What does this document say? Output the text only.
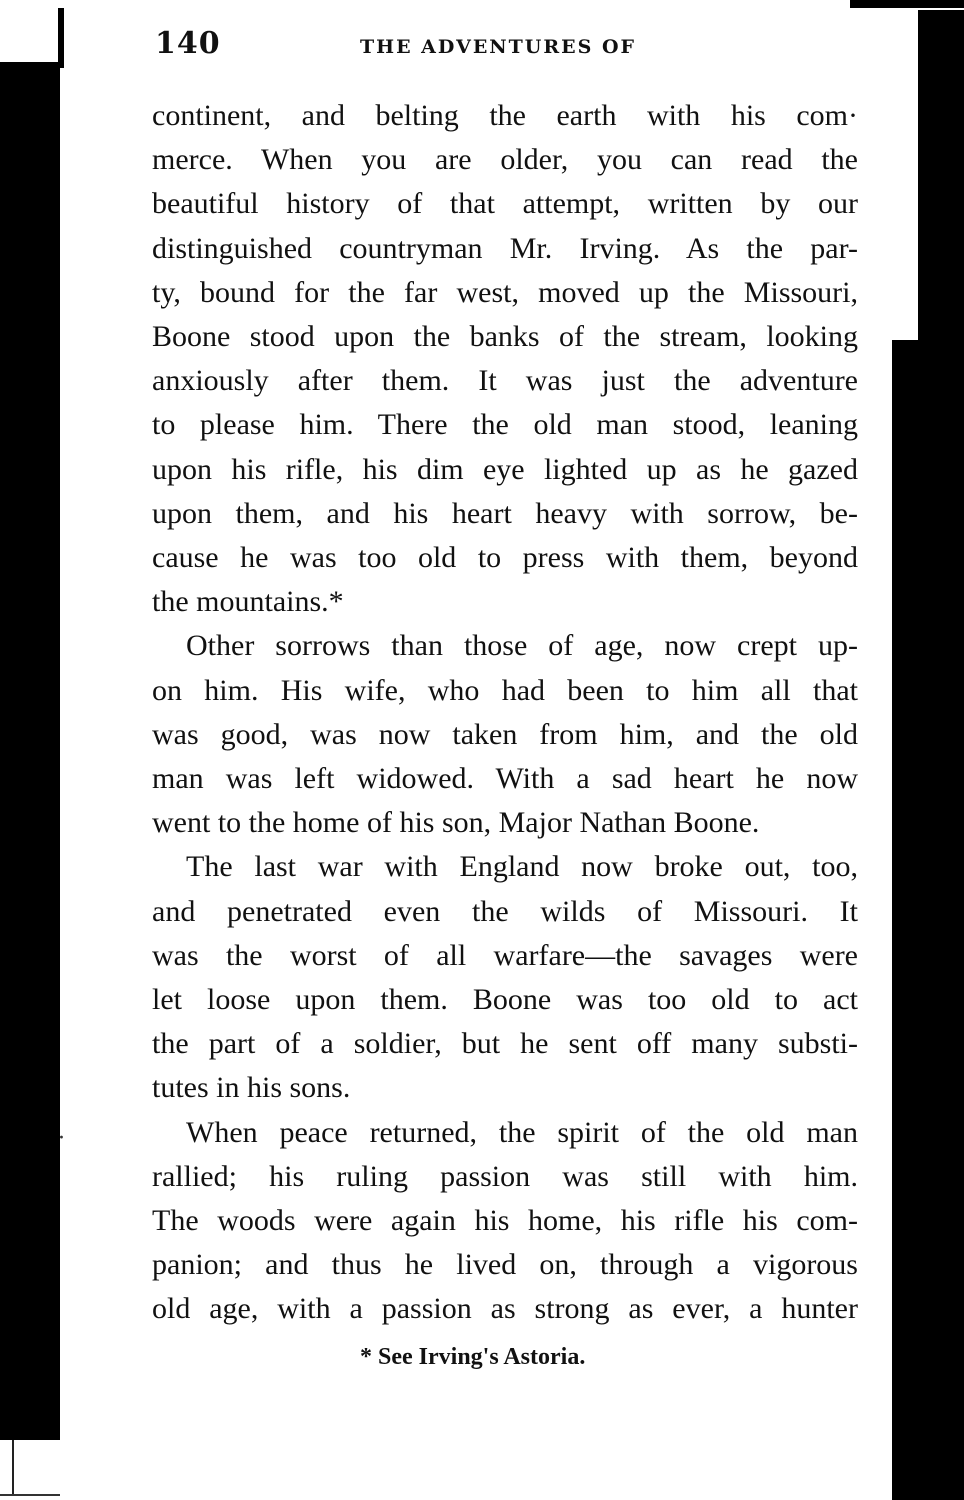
140	THE ADVENTURES OF
continent, and belting the earth with his com·
merce. When you are older, you can read the
beautiful history of that attempt, written by our
distinguished countryman Mr. Irving. As the par-
ty, bound for the far west, moved up the Missouri,
Boone stood upon the banks of the stream, looking
anxiously after them. It was just the adventure
to please him. There the old man stood, leaning
upon his rifle, his dim eye lighted up as he gazed
upon them, and his heart heavy with sorrow, be-
cause he was too old to press with them, beyond
the mountains.*
Other sorrows than those of age, now crept up-
on him. His wife, who had been to him all that
was good, was now taken from him, and the old
man was left widowed. With a sad heart he now
went to the home of his son, Major Nathan Boone.
The last war with England now broke out, too,
and penetrated even the wilds of Missouri. It
was the worst of all warfare—the savages were
let loose upon them. Boone was too old to act
the part of a soldier, but he sent off many substi-
tutes in his sons.
When peace returned, the spirit of the old man
rallied; his ruling passion was still with him.
The woods were again his home, his rifle his com-
panion; and thus he lived on, through a vigorous
old age, with a passion as strong as ever, a hunter
·
* See Irving's Astoria.
